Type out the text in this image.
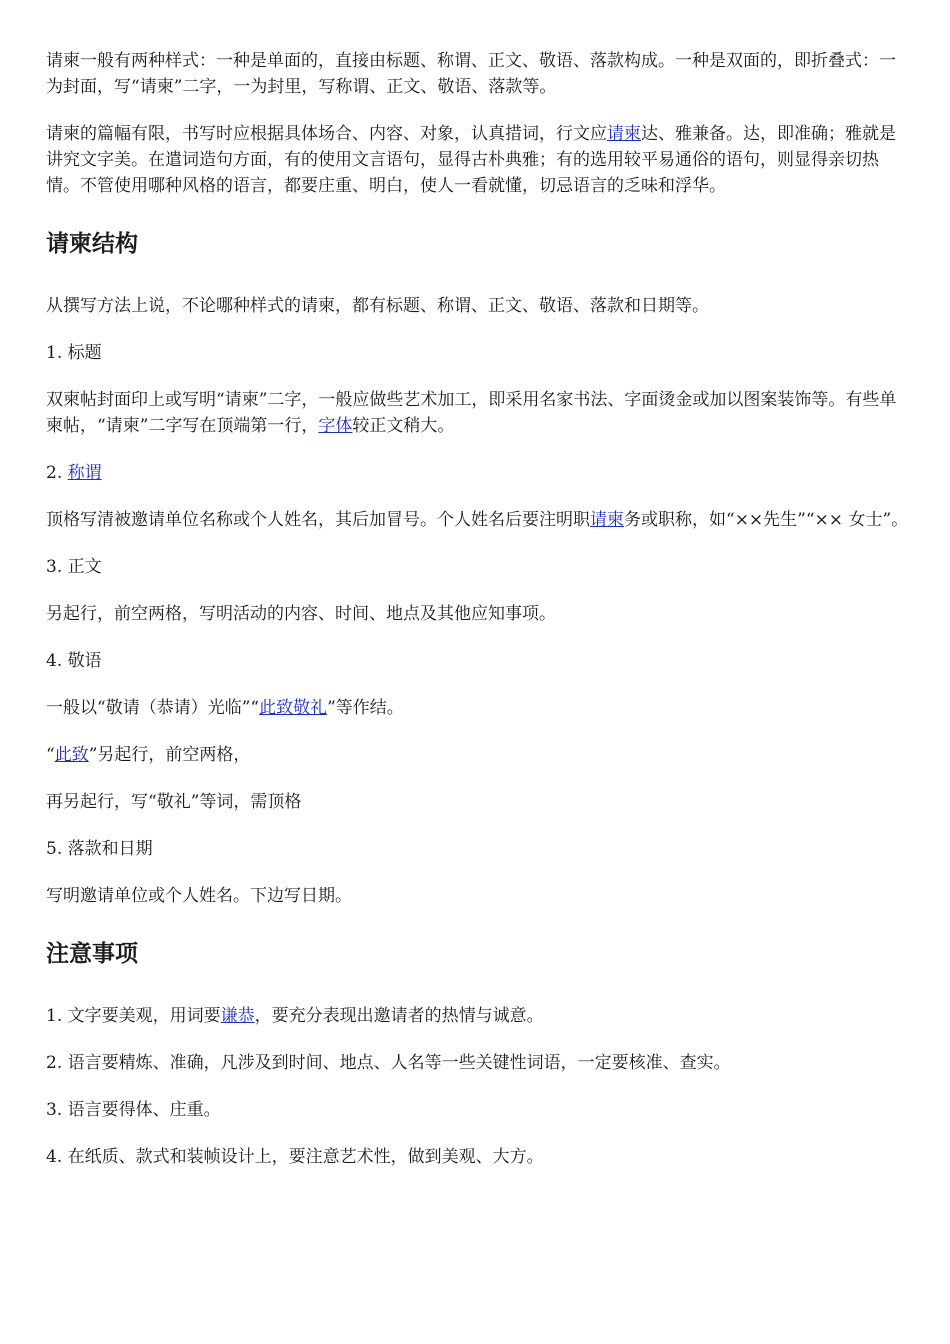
请柬一般有两种样式：一种是单面的，直接由标题、称谓、正文、敬语、落款构成。一种是双面的，即折叠式：一为封面，写“请柬”二字，一为封里，写称谓、正文、敬语、落款等。

请柬的篇幅有限，书写时应根据具体场合、内容、对象，认真措词，行文应请柬达、雅兼备。达，即准确；雅就是讲究文字美。在遣词造句方面，有的使用文言语句，显得古朴典雅；有的选用较平易通俗的语句，则显得亲切热情。不管使用哪种风格的语言，都要庄重、明白，使人一看就懂，切忌语言的乏味和浮华。

请柬结构

从撰写方法上说，不论哪种样式的请柬，都有标题、称谓、正文、敬语、落款和日期等。

1. 标题

双柬帖封面印上或写明“请柬”二字，一般应做些艺术加工，即采用名家书法、字面烫金或加以图案装饰等。有些单柬帖，“请柬”二字写在顶端第一行，字体较正文稍大。

2. 称谓

顶格写清被邀请单位名称或个人姓名，其后加冒号。个人姓名后要注明职请柬务或职称，如“××先生”“×× 女士”。

3. 正文

另起行，前空两格，写明活动的内容、时间、地点及其他应知事项。

4. 敬语

一般以“敬请（恭请）光临”“此致敬礼”等作结。

“此致”另起行，前空两格，

再另起行，写“敬礼”等词，需顶格

5. 落款和日期

写明邀请单位或个人姓名。下边写日期。

注意事项

1. 文字要美观，用词要谦恭，要充分表现出邀请者的热情与诚意。

2. 语言要精炼、准确，凡涉及到时间、地点、人名等一些关键性词语，一定要核准、查实。

3. 语言要得体、庄重。

4. 在纸质、款式和装帧设计上，要注意艺术性，做到美观、大方。
